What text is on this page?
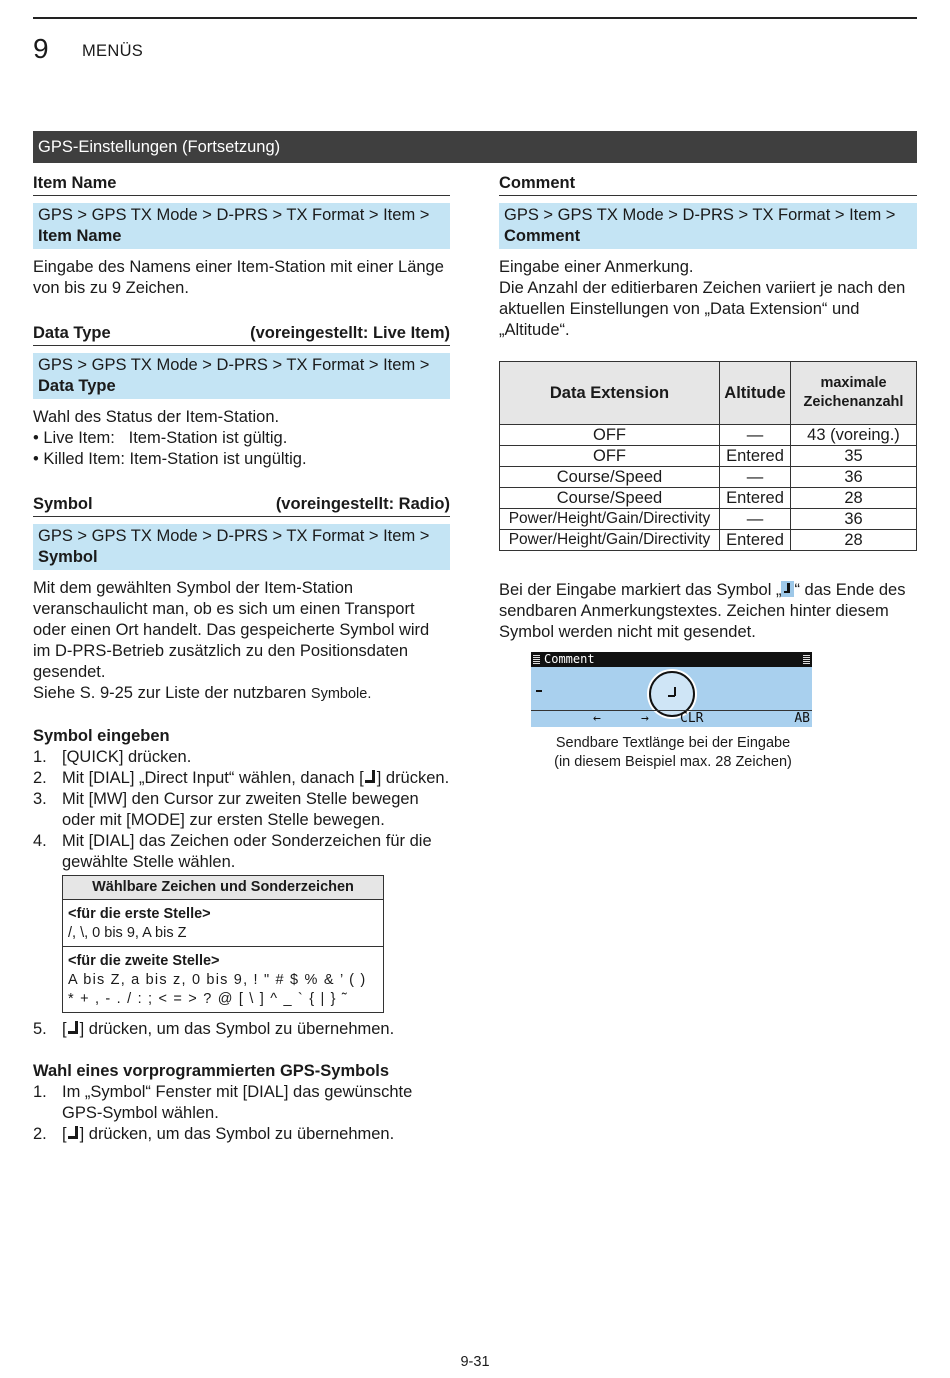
9 MENÜS
GPS-Einstellungen (Fortsetzung)
Item Name
GPS > GPS TX Mode > D-PRS > TX Format > Item >
Item Name

Eingabe des Namens einer Item-Station mit einer Länge von bis zu 9 Zeichen.

Data Type	(voreingestellt: Live Item)
GPS > GPS TX Mode > D-PRS > TX Format > Item >
Data Type

Wahl des Status der Item-Station.

• Live Item:   Item-Station ist gültig.

• Killed Item: Item-Station ist ungültig.

Symbol	(voreingestellt: Radio)
GPS > GPS TX Mode > D-PRS > TX Format > Item >
Symbol

Mit dem gewählten Symbol der Item-Station veranschaulicht man, ob es sich um einen Transport oder einen Ort handelt. Das gespeicherte Symbol wird im D-PRS-Betrieb zusätzlich zu den Positionsdaten gesendet.

Siehe S. 9-25 zur Liste der nutzbaren Symbole.

Symbol eingeben

1. [QUICK] drücken.
2. Mit [DIAL] „Direct Input“ wählen, danach [ ] drücken.
3. Mit [MW] den Cursor zur zweiten Stelle bewegen oder mit [MODE] zur ersten Stelle bewegen.
4. Mit [DIAL] das Zeichen oder Sonderzeichen für die gewählte Stelle wählen.
Wählbare Zeichen und Sonderzeichen
<für die erste Stelle>
/, \, 0 bis 9, A bis Z
<für die zweite Stelle>
A bis Z, a bis z, 0 bis 9, ! " # $ % & ’ ( )
* + , - . / : ; < = > ? @ [ \ ] ^ _ ` { | } ˜
5. [ ] drücken, um das Symbol zu übernehmen.

Wahl eines vorprogrammierten GPS-Symbols

1. Im „Symbol“ Fenster mit [DIAL] das gewünschte GPS-Symbol wählen.
2. [ ] drücken, um das Symbol zu übernehmen.
Comment
GPS > GPS TX Mode > D-PRS > TX Format > Item >
Comment

Eingabe einer Anmerkung.

Die Anzahl der editierbaren Zeichen variiert je nach den aktuellen Einstellungen von „Data Extension“ und „Altitude“.

Data Extension	Altitude	maximale Zeichenanzahl
OFF	—	43 (voreing.)
OFF	Entered	35
Course/Speed	—	36
Course/Speed	Entered	28
Power/Height/Gain/Directivity	—	36
Power/Height/Gain/Directivity	Entered	28

Bei der Eingabe markiert das Symbol „ “ das Ende des sendbaren Anmerkungstextes. Zeichen hinter diesem Symbol werden nicht mit gesendet.

Comment
←	→ CLR	AB
Sendbare Textlänge bei der Eingabe
(in diesem Beispiel max. 28 Zeichen)
9-31
